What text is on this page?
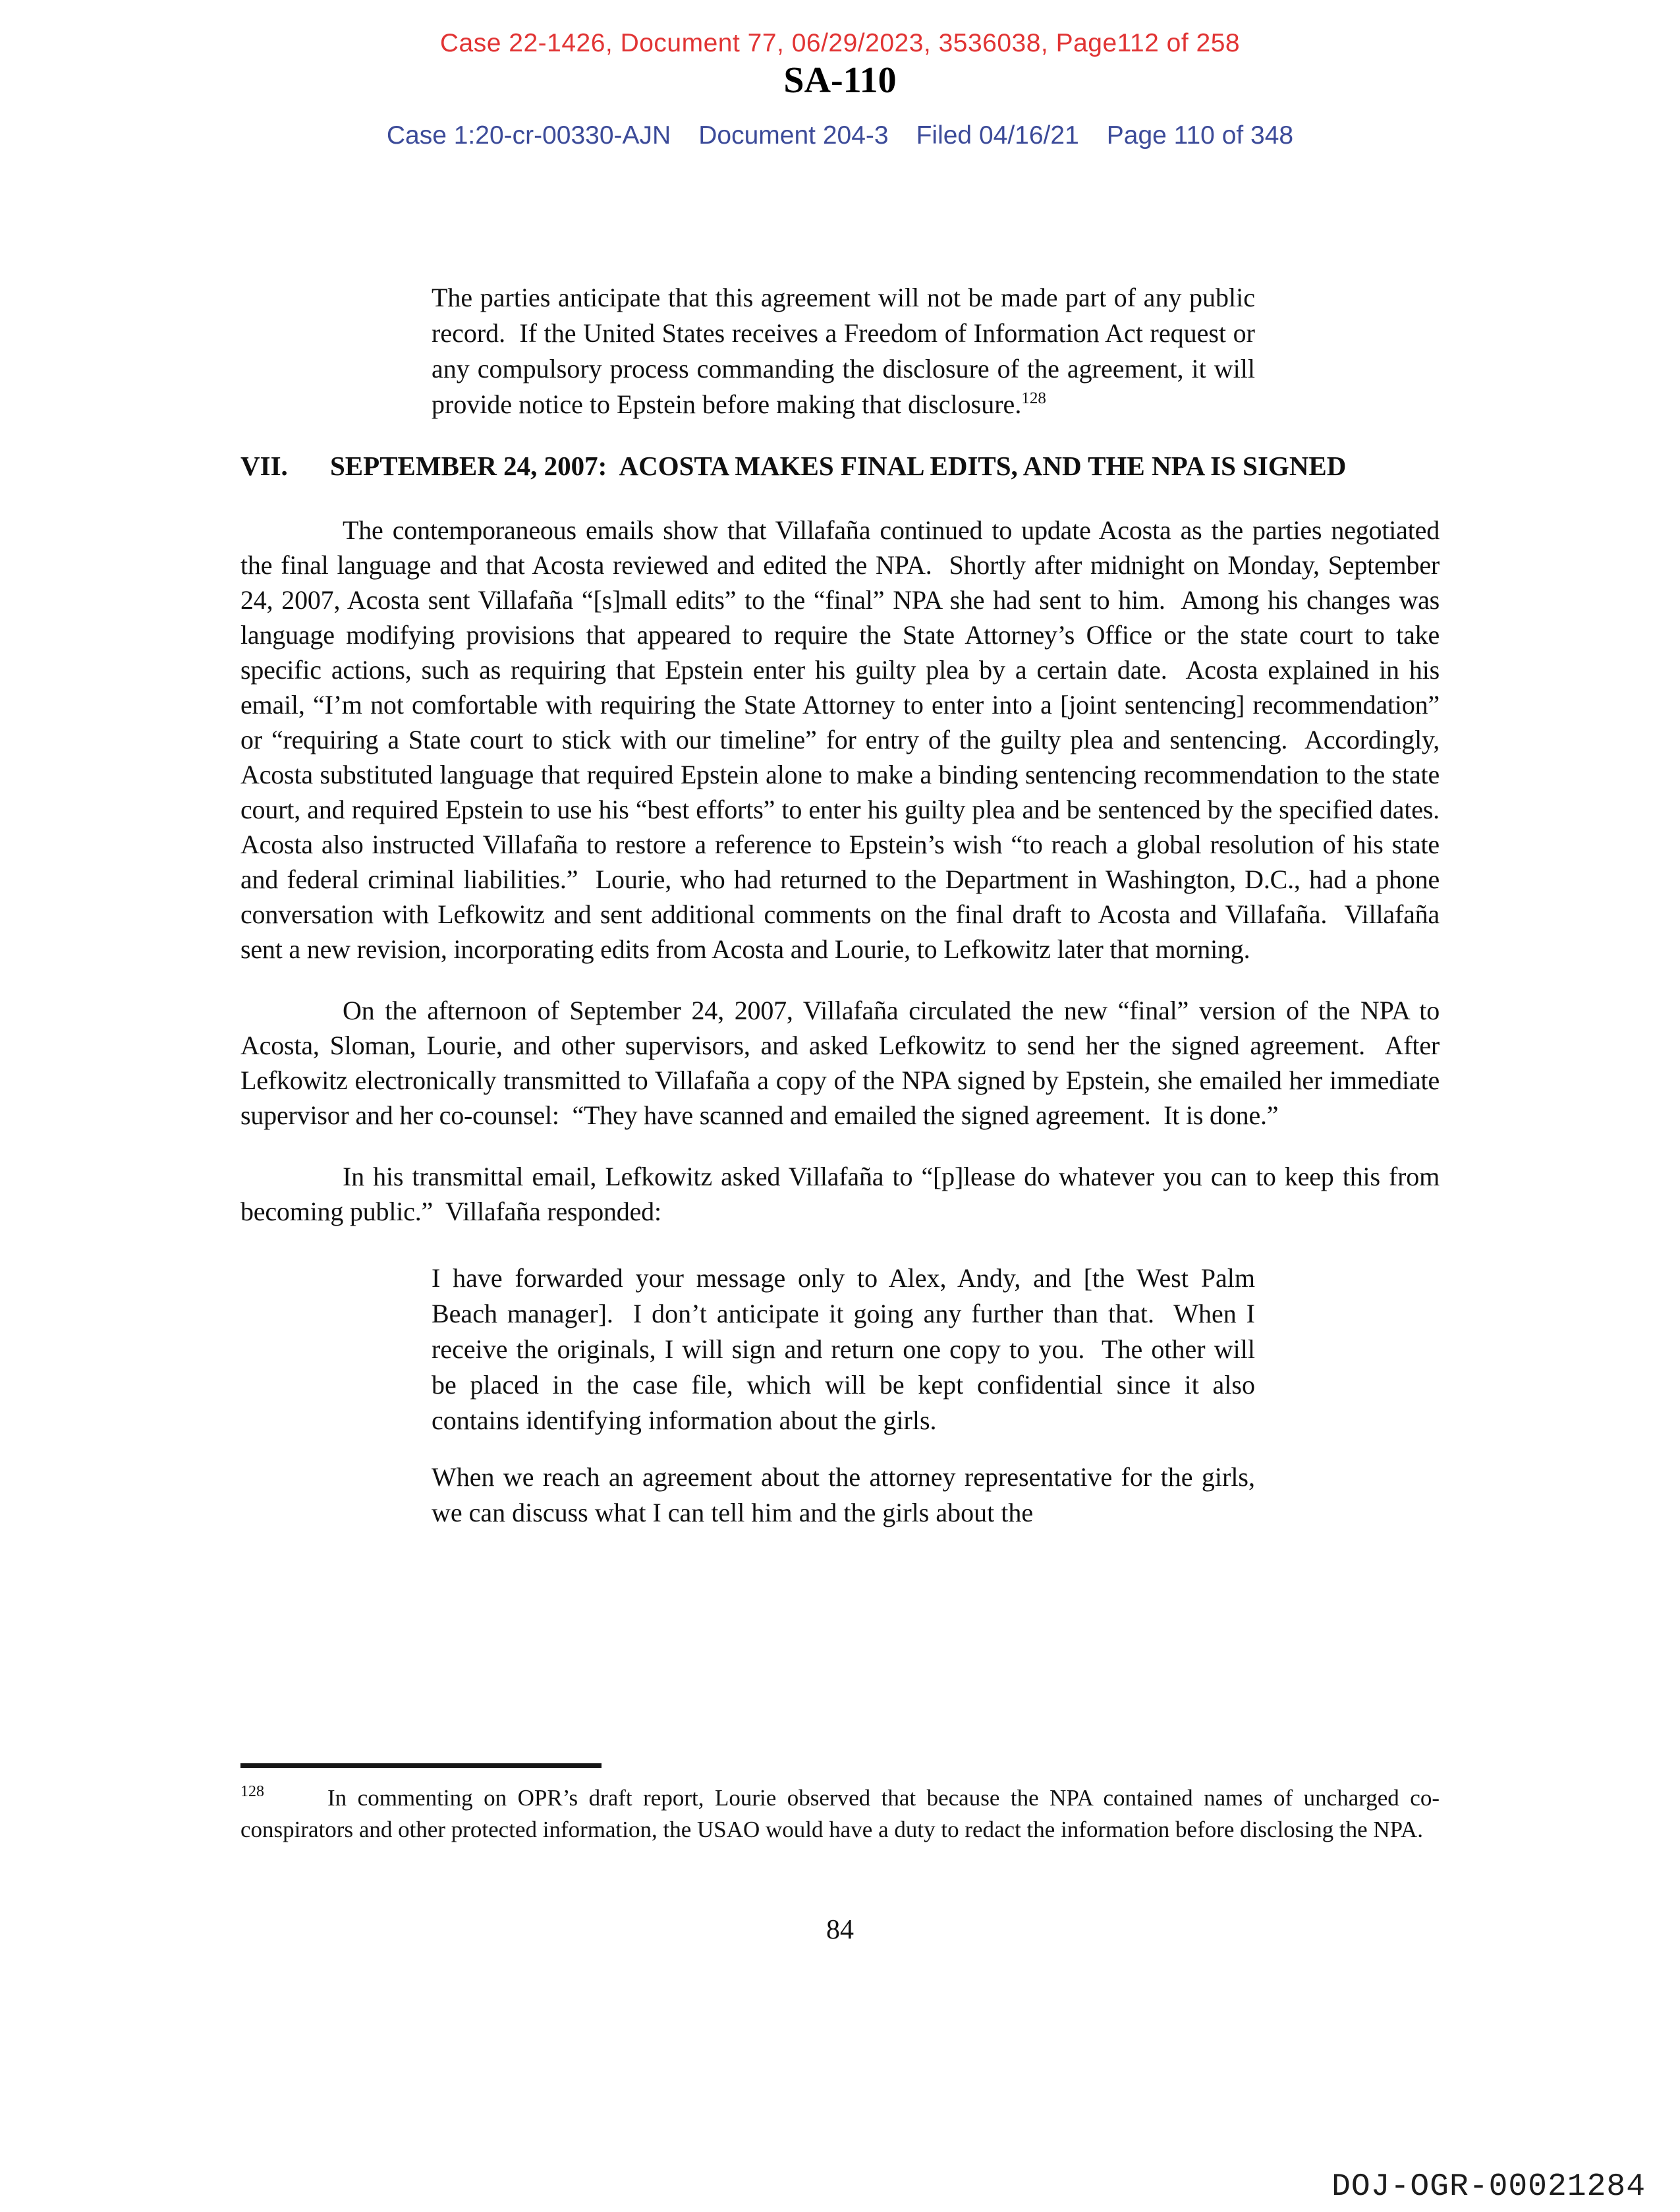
Case 22-1426, Document 77, 06/29/2023, 3536038, Page112 of 258
SA-110
Case 1:20-cr-00330-AJN Document 204-3 Filed 04/16/21 Page 110 of 348
The parties anticipate that this agreement will not be made part of any public record.  If the United States receives a Freedom of Information Act request or any compulsory process commanding the disclosure of the agreement, it will provide notice to Epstein before making that disclosure.$^{128}$
VII.	SEPTEMBER 24, 2007:  ACOSTA MAKES FINAL EDITS, AND THE NPA IS SIGNED
The contemporaneous emails show that Villafaña continued to update Acosta as the parties negotiated the final language and that Acosta reviewed and edited the NPA.  Shortly after midnight on Monday, September 24, 2007, Acosta sent Villafaña “[s]mall edits” to the “final” NPA she had sent to him.  Among his changes was language modifying provisions that appeared to require the State Attorney’s Office or the state court to take specific actions, such as requiring that Epstein enter his guilty plea by a certain date.  Acosta explained in his email, “I’m not comfortable with requiring the State Attorney to enter into a [joint sentencing] recommendation” or “requiring a State court to stick with our timeline” for entry of the guilty plea and sentencing.  Accordingly, Acosta substituted language that required Epstein alone to make a binding sentencing recommendation to the state court, and required Epstein to use his “best efforts” to enter his guilty plea and be sentenced by the specified dates.  Acosta also instructed Villafaña to restore a reference to Epstein’s wish “to reach a global resolution of his state and federal criminal liabilities.”  Lourie, who had returned to the Department in Washington, D.C., had a phone conversation with Lefkowitz and sent additional comments on the final draft to Acosta and Villafaña.  Villafaña sent a new revision, incorporating edits from Acosta and Lourie, to Lefkowitz later that morning.
On the afternoon of September 24, 2007, Villafaña circulated the new “final” version of the NPA to Acosta, Sloman, Lourie, and other supervisors, and asked Lefkowitz to send her the signed agreement.  After Lefkowitz electronically transmitted to Villafaña a copy of the NPA signed by Epstein, she emailed her immediate supervisor and her co-counsel:  “They have scanned and emailed the signed agreement.  It is done.”
In his transmittal email, Lefkowitz asked Villafaña to “[p]lease do whatever you can to keep this from becoming public.”  Villafaña responded:
I have forwarded your message only to Alex, Andy, and [the West Palm Beach manager].  I don’t anticipate it going any further than that.  When I receive the originals, I will sign and return one copy to you.  The other will be placed in the case file, which will be kept confidential since it also contains identifying information about the girls.
When we reach an agreement about the attorney representative for the girls, we can discuss what I can tell him and the girls about the
$^{128}$	In commenting on OPR’s draft report, Lourie observed that because the NPA contained names of uncharged co-conspirators and other protected information, the USAO would have a duty to redact the information before disclosing the NPA.
84
DOJ-OGR-00021284
